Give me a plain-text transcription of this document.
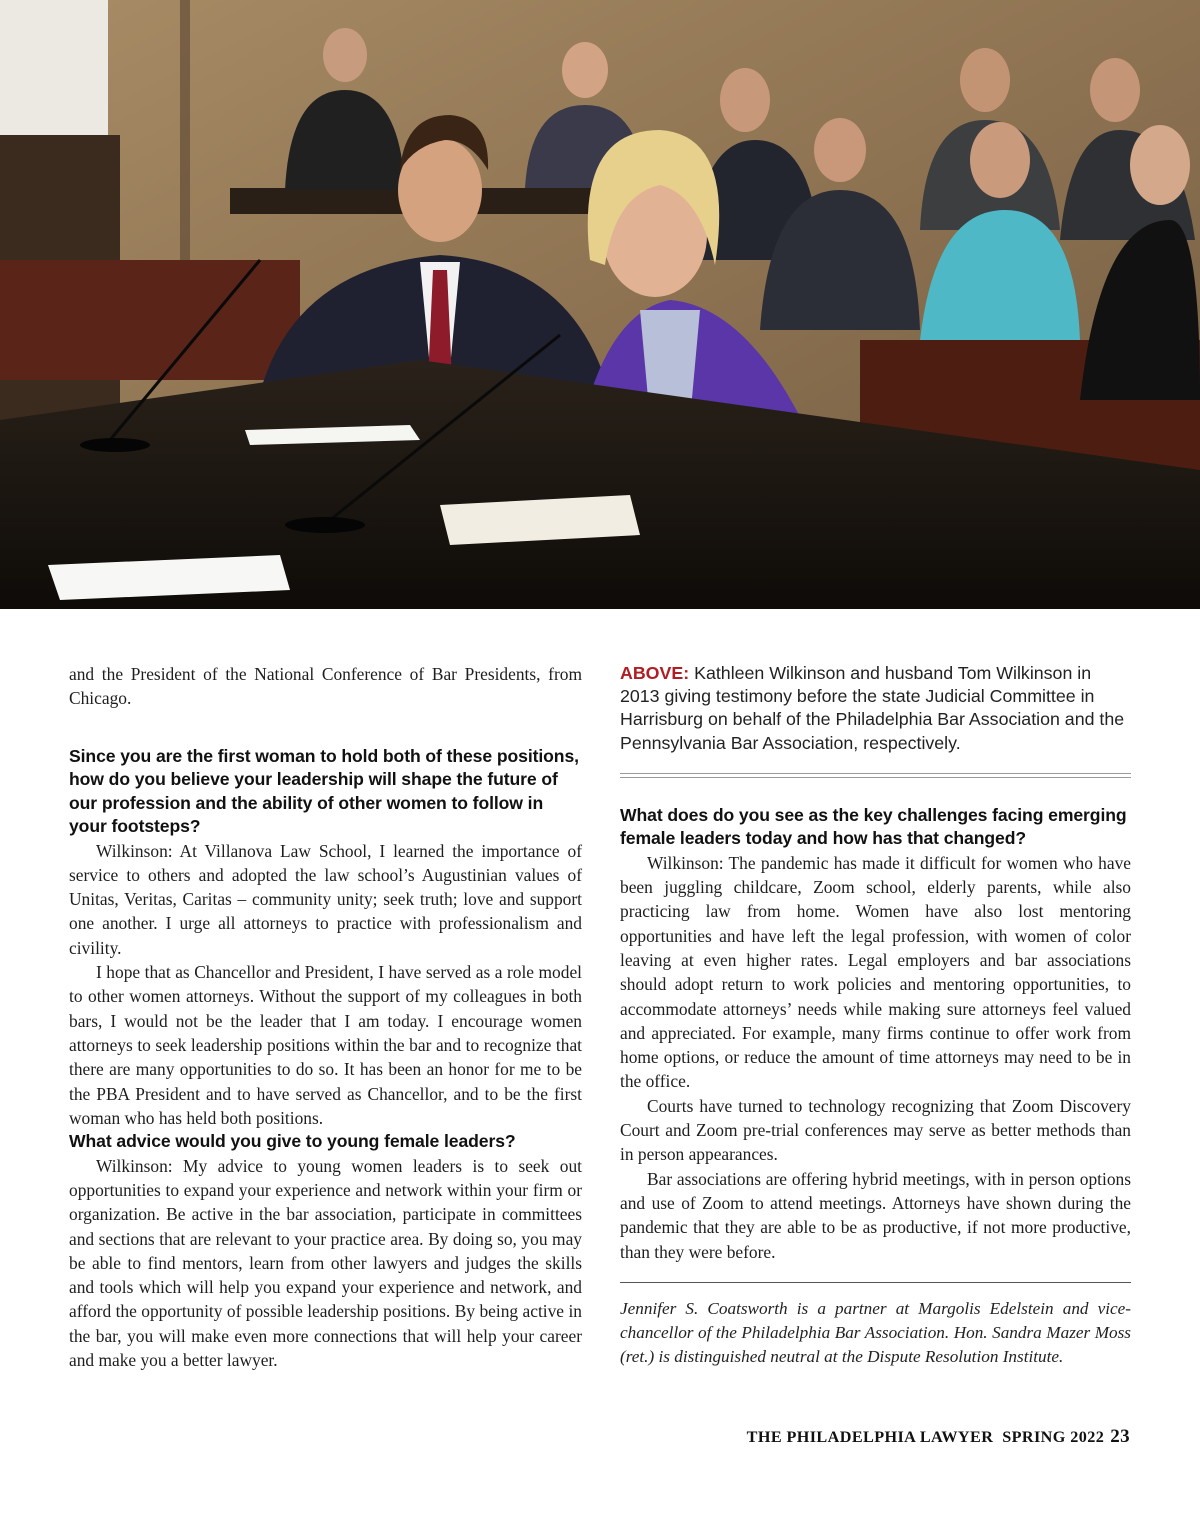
and the President of the National Conference of Bar Presidents, from Chicago.

Since you are the first woman to hold both of these positions, how do you believe your leadership will shape the future of our profession and the ability of other women to follow in your footsteps?

Wilkinson: At Villanova Law School, I learned the importance of service to others and adopted the law school’s Augustinian values of Unitas, Veritas, Caritas – community unity; seek truth; love and support one another. I urge all attorneys to practice with professionalism and civility.

I hope that as Chancellor and President, I have served as a role model to other women attorneys. Without the support of my colleagues in both bars, I would not be the leader that I am today. I encourage women attorneys to seek leadership positions within the bar and to recognize that there are many opportunities to do so. It has been an honor for me to be the PBA President and to have served as Chancellor, and to be the first woman who has held both positions.

What advice would you give to young female leaders?

Wilkinson: My advice to young women leaders is to seek out opportunities to expand your experience and network within your firm or organization. Be active in the bar association, participate in committees and sections that are relevant to your practice area. By doing so, you may be able to find mentors, learn from other lawyers and judges the skills and tools which will help you expand your experience and network, and afford the opportunity of possible leadership positions. By being active in the bar, you will make even more connections that will help your career and make you a better lawyer.

ABOVE: Kathleen Wilkinson and husband Tom Wilkinson in 2013 giving testimony before the state Judicial Committee in Harrisburg on behalf of the Philadelphia Bar Association and the Pennsylvania Bar Association, respectively.

What does do you see as the key challenges facing emerging female leaders today and how has that changed?

Wilkinson: The pandemic has made it difficult for women who have been juggling childcare, Zoom school, elderly parents, while also practicing law from home. Women have also lost mentoring opportunities and have left the legal profession, with women of color leaving at even higher rates. Legal employers and bar associations should adopt return to work policies and mentoring opportunities, to accommodate attorneys’ needs while making sure attorneys feel valued and appreciated. For example, many firms continue to offer work from home options, or reduce the amount of time attorneys may need to be in the office.

Courts have turned to technology recognizing that Zoom Discovery Court and Zoom pre-trial conferences may serve as better methods than in person appearances.

Bar associations are offering hybrid meetings, with in person options and use of Zoom to attend meetings. Attorneys have shown during the pandemic that they are able to be as productive, if not more productive, than they were before.

Jennifer S. Coatsworth is a partner at Margolis Edelstein and vice-chancellor of the Philadelphia Bar Association. Hon. Sandra Mazer Moss (ret.) is distinguished neutral at the Dispute Resolution Institute.

THE PHILADELPHIA LAWYER SPRING 2022 23
